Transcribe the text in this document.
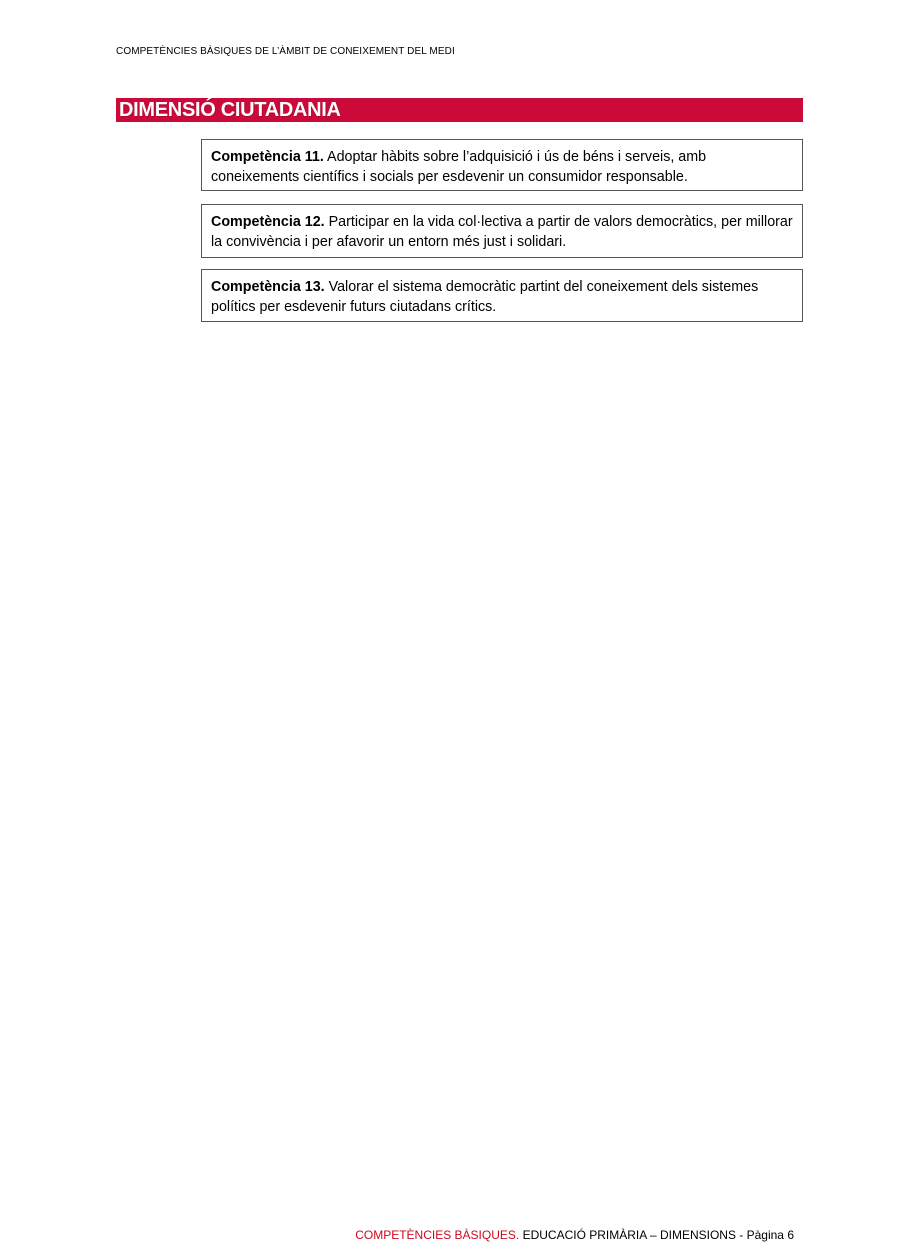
COMPETÈNCIES BÀSIQUES DE L’ÀMBIT DE CONEIXEMENT DEL MEDI
DIMENSIÓ CIUTADANIA
Competència 11. Adoptar hàbits sobre l’adquisició i ús de béns i serveis, amb coneixements científics i socials per esdevenir un consumidor responsable.
Competència 12. Participar en la vida col·lectiva a partir de valors democràtics, per millorar la convivència i per afavorir un entorn més just i solidari.
Competència 13. Valorar el sistema democràtic partint del coneixement dels sistemes polítics per esdevenir futurs ciutadans crítics.
COMPETÈNCIES BÀSIQUES. EDUCACIÓ PRIMÀRIA – DIMENSIONS - Pàgina 6
